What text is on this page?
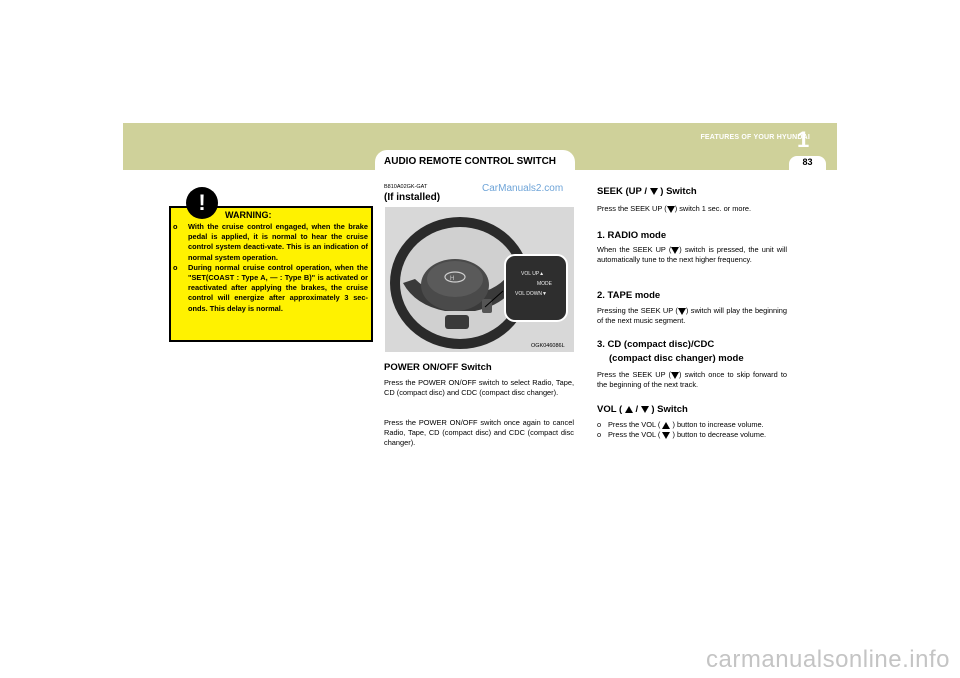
AUDIO REMOTE CONTROL SWITCH
FEATURES OF YOUR HYUNDAI
1
83
!	WARNING:
o With the cruise control engaged, when the brake pedal is applied, it is normal to hear the cruise control system deacti-vate. This is an indication of normal system operation.
o During normal cruise control operation, when the "SET(COAST : Type A, — : Type B)" is activated or reactivated after applying the brakes, the cruise control will energize after approximately 3 sec-onds. This delay is normal.
B810A02GK-GAT	CarManuals2.com
(If installed)
H
VOL UP▲
MODE
VOL DOWN▼
OGK046086L
POWER ON/OFF Switch
Press the POWER ON/OFF switch to select Radio, Tape, CD (compact disc) and CDC (compact disc changer).
Press the POWER ON/OFF switch once again to cancel Radio, Tape, CD (compact disc) and CDC (compact disc changer).
SEEK (UP / ) Switch
Press the SEEK UP ( ) switch 1 sec. or more.
1. RADIO mode
When the SEEK UP ( ) switch is pressed, the unit will automatically tune to the next higher frequency.
2. TAPE mode
Pressing the SEEK UP ( ) switch will play the beginning of the next music segment.
3. CD (compact disc)/CDC
(compact disc changer) mode
Press the SEEK UP ( ) switch once to skip forward to the beginning of the next track.
VOL ( / ) Switch
o Press the VOL ( ) button to increase volume.
o Press the VOL ( ) button to decrease volume.
carmanualsonline.info
